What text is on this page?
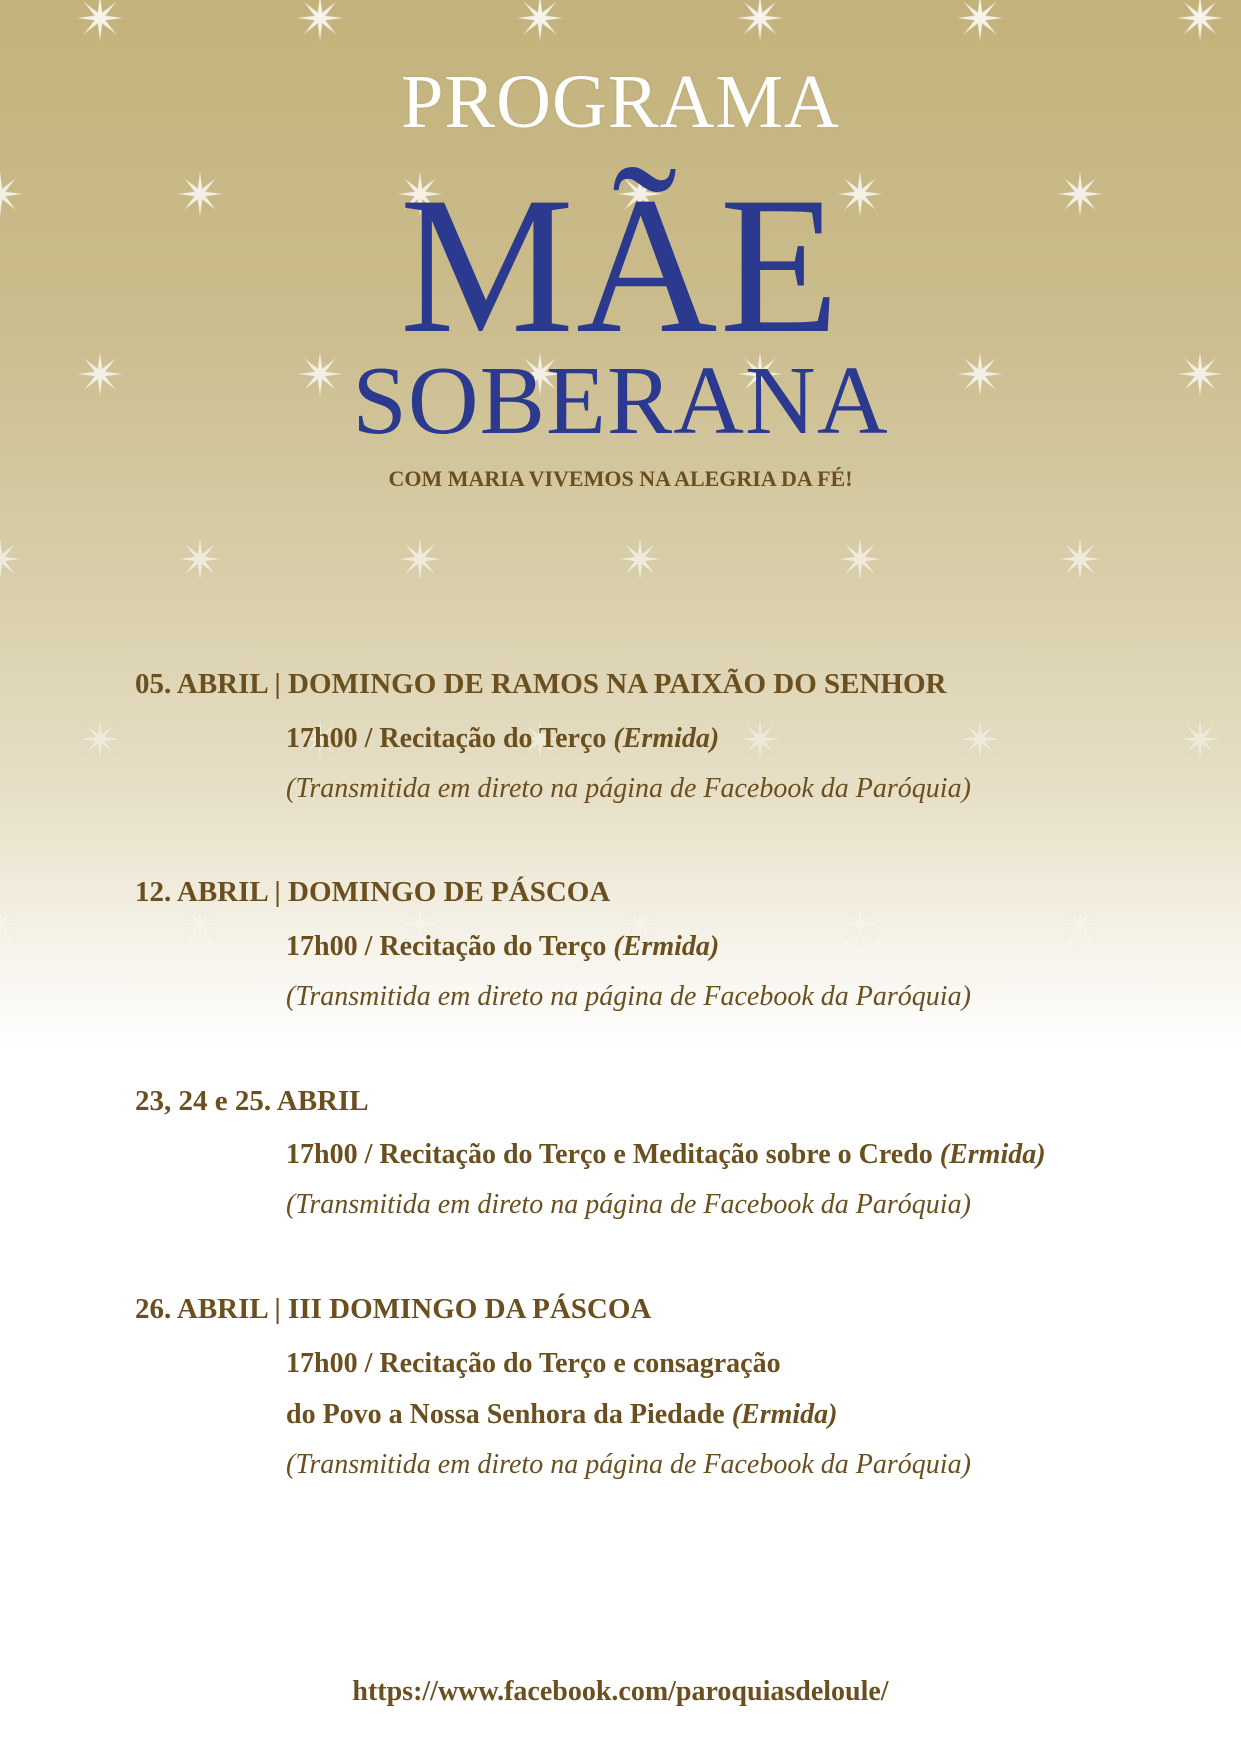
PROGRAMA
MÃE
SOBERANA
COM MARIA VIVEMOS NA ALEGRIA DA FÉ!
05. ABRIL | DOMINGO DE RAMOS NA PAIXÃO DO SENHOR
17h00 / Recitação do Terço (Ermida)
(Transmitida em direto na página de Facebook da Paróquia)
12. ABRIL | DOMINGO DE PÁSCOA
17h00 / Recitação do Terço (Ermida)
(Transmitida em direto na página de Facebook da Paróquia)
23, 24 e 25. ABRIL
17h00 / Recitação do Terço e Meditação sobre o Credo (Ermida)
(Transmitida em direto na página de Facebook da Paróquia)
26. ABRIL | III DOMINGO DA PÁSCOA
17h00 / Recitação do Terço e consagração
do Povo a Nossa Senhora da Piedade (Ermida)
(Transmitida em direto na página de Facebook da Paróquia)
https://www.facebook.com/paroquiasdeloule/
